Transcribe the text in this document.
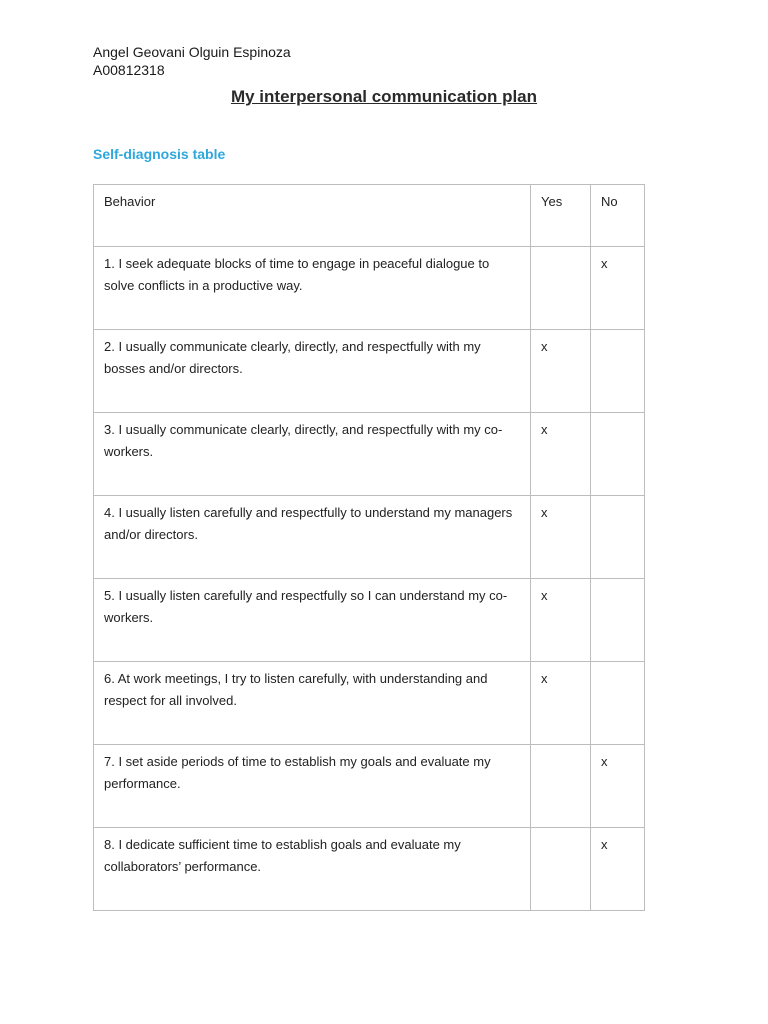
Angel Geovani Olguin Espinoza
A00812318
My interpersonal communication plan
Self-diagnosis table
Behavior	Yes	No
1. I seek adequate blocks of time to engage in peaceful dialogue to solve conflicts in a productive way.		x
2. I usually communicate clearly, directly, and respectfully with my bosses and/or directors.	x	
3. I usually communicate clearly, directly, and respectfully with my co-workers.	x	
4. I usually listen carefully and respectfully to understand my managers and/or directors.	x	
5. I usually listen carefully and respectfully so I can understand my co-workers.	x	
6. At work meetings, I try to listen carefully, with understanding and respect for all involved.	x	
7. I set aside periods of time to establish my goals and evaluate my performance.		x
8. I dedicate sufficient time to establish goals and evaluate my collaborators’ performance.		x
